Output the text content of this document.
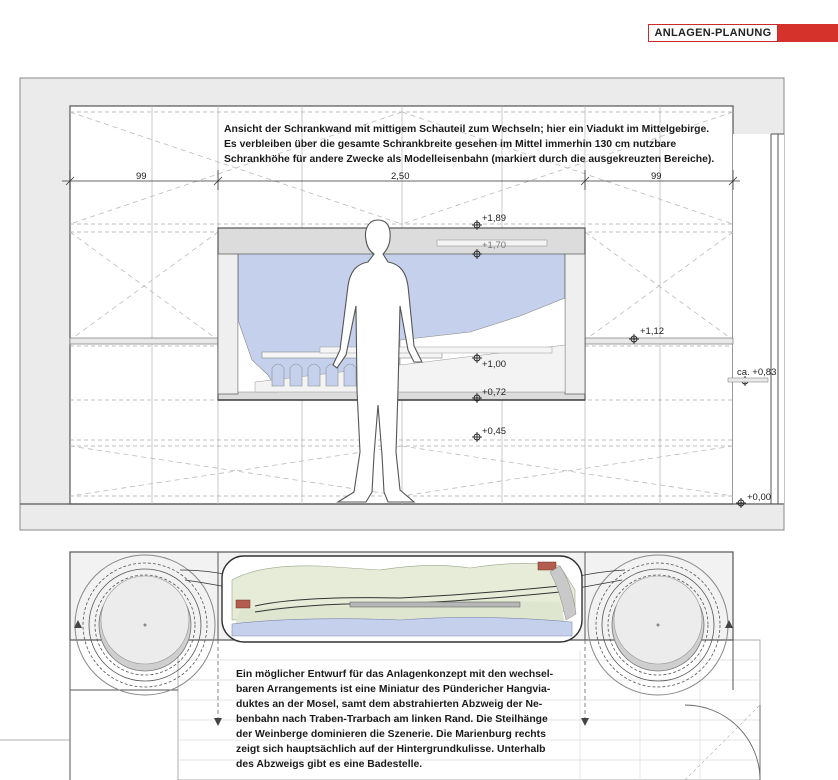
ANLAGEN-PLANUNG
Ansicht der Schrankwand mit mittigem Schauteil zum Wechseln; hier ein Viadukt im Mittelgebirge.
Es verbleiben über die gesamte Schrankbreite gesehen im Mittel immerhin 130 cm nutzbare
Schrankhöhe für andere Zwecke als Modelleisenbahn (markiert durch die ausgekreuzten Bereiche).
99	2,50	99
+1,89
+1,70
+1,12
+1,00
ca. +0,83
+0,72
+0,45
+0,00
Ein möglicher Entwurf für das Anlagenkonzept mit den wechsel-
baren Arrangements ist eine Miniatur des Pündericher Hangvia-
duktes an der Mosel, samt dem abstrahierten Abzweig der Ne-
benbahn nach Traben-Trarbach am linken Rand. Die Steilhänge
der Weinberge dominieren die Szenerie. Die Marienburg rechts
zeigt sich hauptsächlich auf der Hintergrundkulisse. Unterhalb
des Abzweigs gibt es eine Badestelle.
